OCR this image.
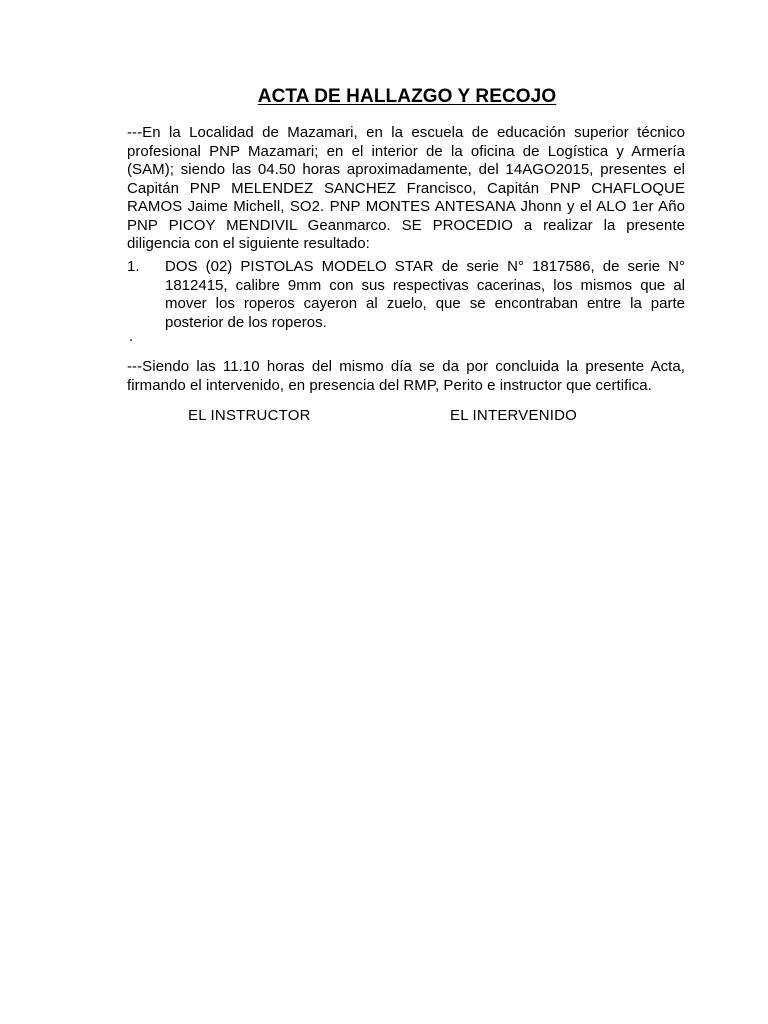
ACTA DE HALLAZGO Y RECOJO
---En la Localidad de Mazamari, en la escuela de educación superior técnico profesional PNP Mazamari; en el interior de la oficina de Logística y Armería (SAM); siendo las 04.50 horas aproximadamente, del 14AGO2015, presentes el Capitán PNP MELENDEZ SANCHEZ Francisco, Capitán PNP CHAFLOQUE RAMOS Jaime Michell, SO2. PNP MONTES ANTESANA Jhonn y el ALO 1er Año PNP PICOY MENDIVIL Geanmarco. SE PROCEDIO a realizar la presente diligencia con el siguiente resultado:
1.	DOS (02) PISTOLAS MODELO STAR de serie N° 1817586, de serie N° 1812415, calibre 9mm con sus respectivas cacerinas, los mismos que al mover los roperos cayeron al zuelo, que se encontraban entre la parte posterior de los roperos.
.
---Siendo las 11.10 horas del mismo día se da por concluida la presente Acta, firmando el intervenido, en presencia del RMP, Perito e instructor que certifica.
EL INSTRUCTOR	EL INTERVENIDO
